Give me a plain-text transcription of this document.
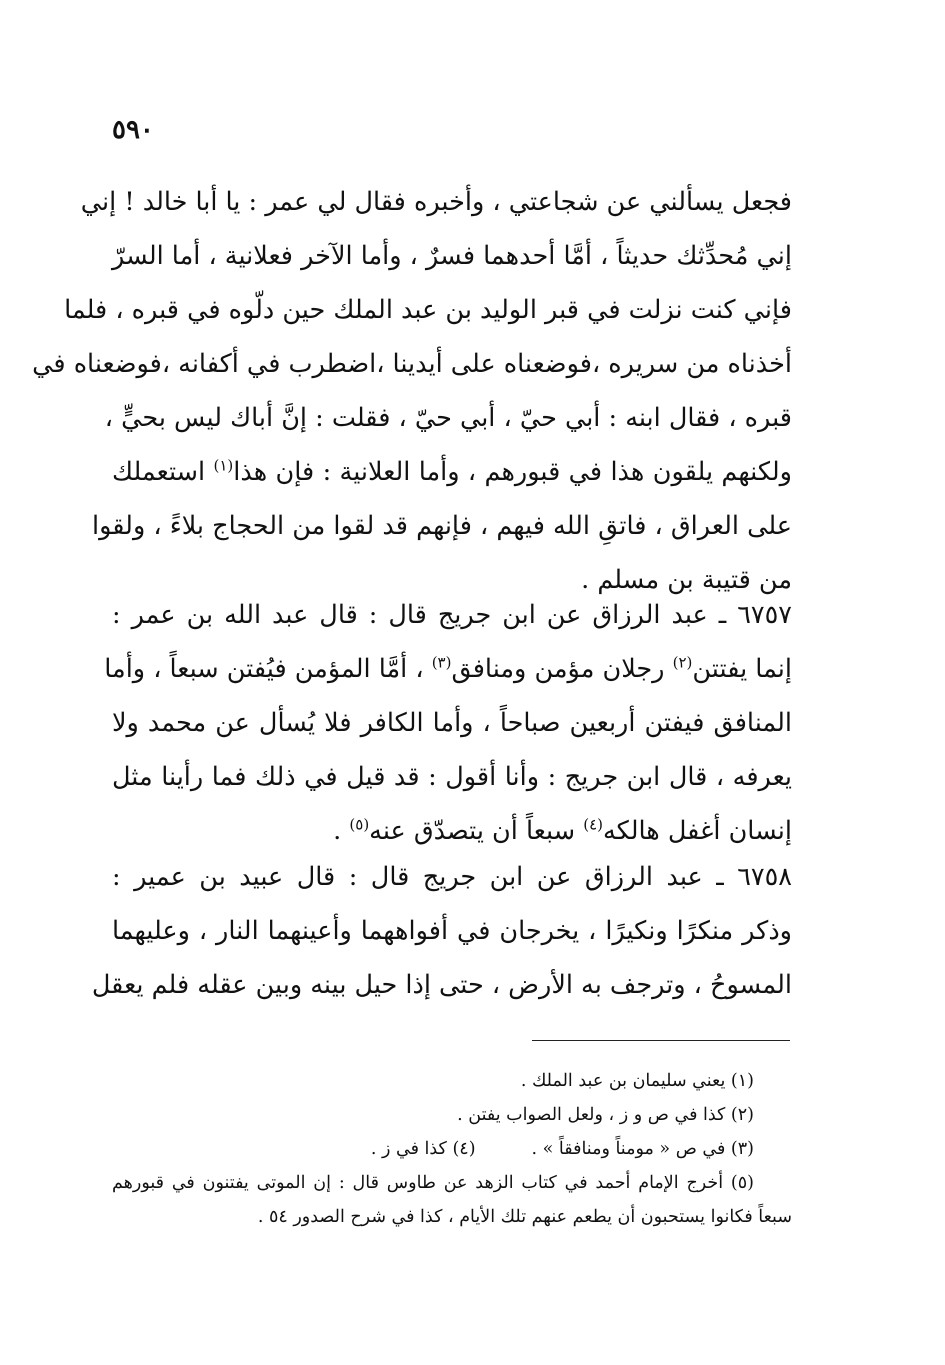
٥٩٠
فجعل يسألني عن شجاعتي ، وأخبره فقال لي عمر : يا أبا خالد ! إني
إني مُحدِّثك حديثاً ، أمَّا أحدهما فسرٌ ، وأما الآخر فعلانية ، أما السرّ
فإني كنت نزلت في قبر الوليد بن عبد الملك حين دلّوه في قبره ، فلما
أخذناه من سريره ،فوضعناه على أيدينا ،اضطرب في أكفانه ،فوضعناه في
قبره ، فقال ابنه : أبي حيّ ، أبي حيّ ، فقلت : إنَّ أباك ليس بحيٍّ ،
ولكنهم يلقون هذا في قبورهم ، وأما العلانية : فإن هذا$^{(١)}$ استعملك
على العراق ، فاتقِ الله فيهم ، فإنهم قد لقوا من الحجاج بلاءً ، ولقوا
من قتيبة بن مسلم .
٦٧٥٧ ـ عبد الرزاق عن ابن جريج قال : قال عبد الله بن عمر :
إنما يفتتن$^{(٢)}$ رجلان مؤمن ومنافق$^{(٣)}$ ، أمَّا المؤمن فيُفتن سبعاً ، وأما
المنافق فيفتن أربعين صباحاً ، وأما الكافر فلا يُسأل عن محمد ولا
يعرفه ، قال ابن جريج : وأنا أقول : قد قيل في ذلك فما رأينا مثل
إنسان أغفل هالكه$^{(٤)}$ سبعاً أن يتصدّق عنه$^{(٥)}$ .
٦٧٥٨ ـ عبد الرزاق عن ابن جريج قال : قال عبيد بن عمير :
وذكر منكرًا ونكيرًا ، يخرجان في أفواههما وأعينهما النار ، وعليهما
المسوحُ ، وترجف به الأرض ، حتى إذا حيل بينه وبين عقله فلم يعقل
(١) يعني سليمان بن عبد الملك .
(٢) كذا في ص و ز ، ولعل الصواب يفتن .
(٣) في ص « مومناً ومنافقاً » .(٤) كذا في ز .
(٥) أخرج الإمام أحمد في كتاب الزهد عن طاوس قال : إن الموتى يفتنون في قبورهم
سبعاً فكانوا يستحبون أن يطعم عنهم تلك الأيام ، كذا في شرح الصدور ٥٤ .
